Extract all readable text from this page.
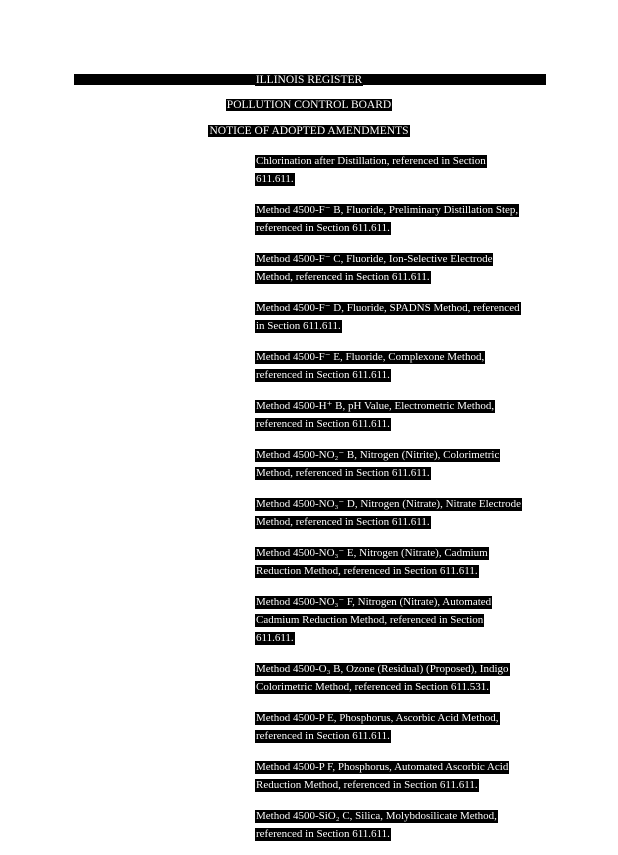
ILLINOIS REGISTER
POLLUTION CONTROL BOARD
NOTICE OF ADOPTED AMENDMENTS
Chlorination after Distillation, referenced in Section
611.611.
Method 4500-F⁻ B, Fluoride, Preliminary Distillation Step,
referenced in Section 611.611.
Method 4500-F⁻ C, Fluoride, Ion-Selective Electrode
Method, referenced in Section 611.611.
Method 4500-F⁻ D, Fluoride, SPADNS Method, referenced
in Section 611.611.
Method 4500-F⁻ E, Fluoride, Complexone Method,
referenced in Section 611.611.
Method 4500-H⁺ B, pH Value, Electrometric Method,
referenced in Section 611.611.
Method 4500-NO₂⁻ B, Nitrogen (Nitrite), Colorimetric
Method, referenced in Section 611.611.
Method 4500-NO₃⁻ D, Nitrogen (Nitrate), Nitrate Electrode
Method, referenced in Section 611.611.
Method 4500-NO₃⁻ E, Nitrogen (Nitrate), Cadmium
Reduction Method, referenced in Section 611.611.
Method 4500-NO₃⁻ F, Nitrogen (Nitrate), Automated
Cadmium Reduction Method, referenced in Section
611.611.
Method 4500-O₃ B, Ozone (Residual) (Proposed), Indigo
Colorimetric Method, referenced in Section 611.531.
Method 4500-P E, Phosphorus, Ascorbic Acid Method,
referenced in Section 611.611.
Method 4500-P F, Phosphorus, Automated Ascorbic Acid
Reduction Method, referenced in Section 611.611.
Method 4500-SiO₂ C, Silica, Molybdosilicate Method,
referenced in Section 611.611.
